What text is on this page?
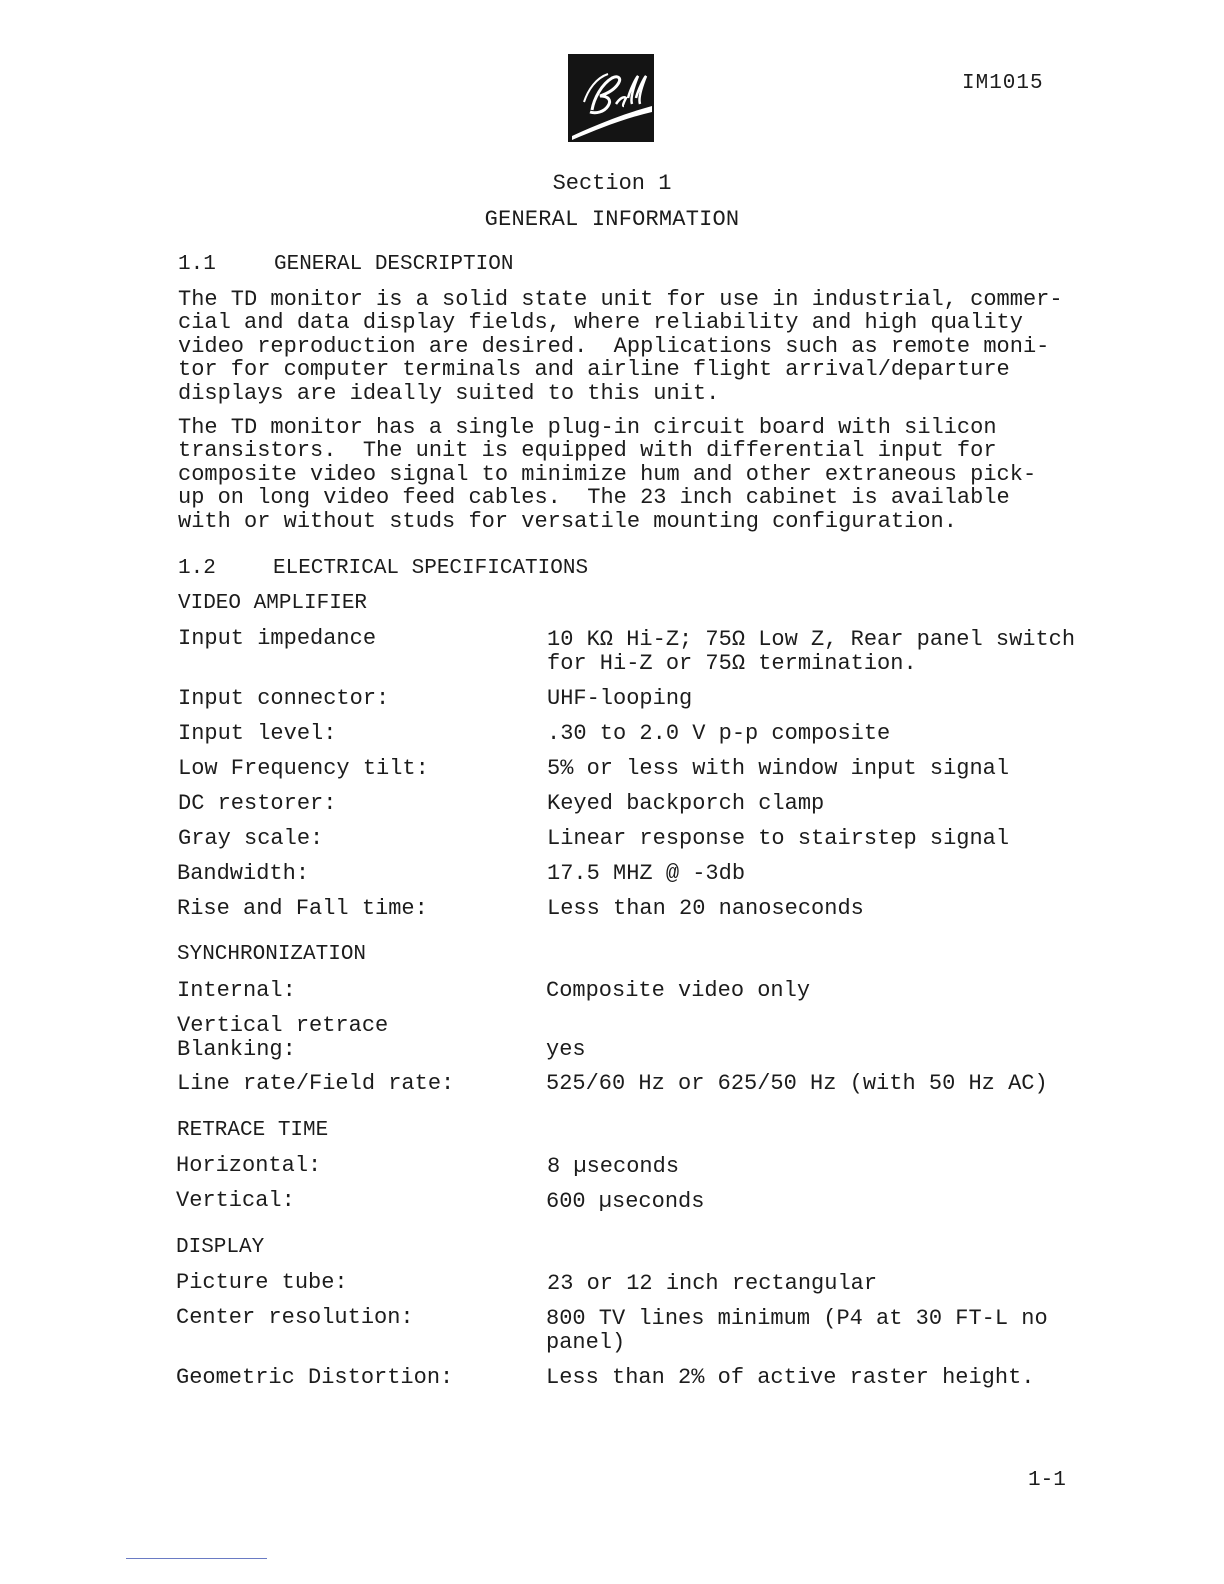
IM1015
Section 1
GENERAL INFORMATION
1.1	GENERAL DESCRIPTION
The TD monitor is a solid state unit for use in industrial, commer-
cial and data display fields, where reliability and high quality
video reproduction are desired.  Applications such as remote moni-
tor for computer terminals and airline flight arrival/departure
displays are ideally suited to this unit.
The TD monitor has a single plug-in circuit board with silicon
transistors.  The unit is equipped with differential input for
composite video signal to minimize hum and other extraneous pick-
up on long video feed cables.  The 23 inch cabinet is available
with or without studs for versatile mounting configuration.
1.2	ELECTRICAL SPECIFICATIONS
VIDEO AMPLIFIER
Input impedance	10 KΩ Hi-Z; 75Ω Low Z, Rear panel switch
for Hi-Z or 75Ω termination.
Input connector:	UHF-looping
Input level:	.30 to 2.0 V p-p composite
Low Frequency tilt:	5% or less with window input signal
DC restorer:	Keyed backporch clamp
Gray scale:	Linear response to stairstep signal
Bandwidth:	17.5 MHZ @ -3db
Rise and Fall time:	Less than 20 nanoseconds
SYNCHRONIZATION
Internal:	Composite video only
Vertical retrace
Blanking:	yes
Line rate/Field rate:	525/60 Hz or 625/50 Hz (with 50 Hz AC)
RETRACE TIME
Horizontal:	8 µseconds
Vertical:	600 µseconds
DISPLAY
Picture tube:	23 or 12 inch rectangular
Center resolution:	800 TV lines minimum (P4 at 30 FT-L no
panel)
Geometric Distortion:	Less than 2% of active raster height.
1-1
